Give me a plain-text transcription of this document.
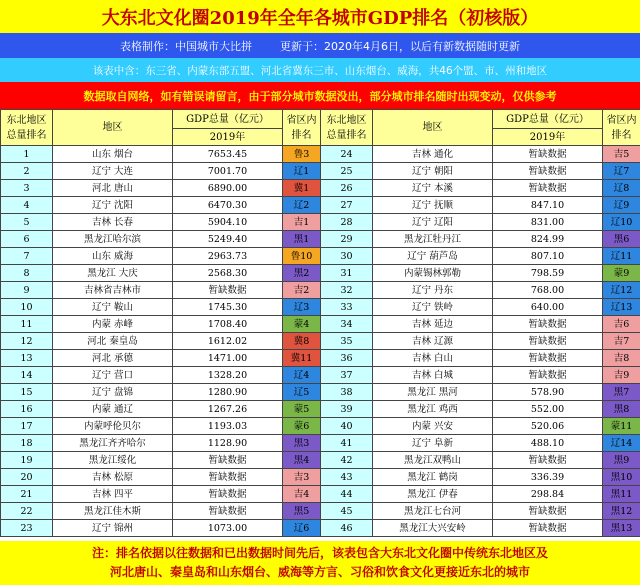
大东北文化圈2019年全年各城市GDP排名（初核版）
表格制作：中国城市大比拼	更新于：2020年4月6日，以后有新数据随时更新
该表中含：东三省、内蒙东部五盟、河北省冀东三市、山东烟台、威海，共46个盟、市、州和地区
数据取自网络，如有错误请留言，由于部分城市数据没出，部分城市排名随时出现变动，仅供参考
东北地区
总量排名	地区	GDP总量（亿元）	省区内
排名	东北地区
总量排名	地区	GDP总量（亿元）	省区内
排名
		2019年				2019年	
1	山东 烟台	7653.45	鲁3	24	吉林 通化	暂缺数据	吉5
2	辽宁 大连	7001.70	辽1	25	辽宁 朝阳	暂缺数据	辽7
3	河北 唐山	6890.00	冀1	26	辽宁 本溪	暂缺数据	辽8
4	辽宁 沈阳	6470.30	辽2	27	辽宁 抚顺	847.10	辽9
5	吉林 长春	5904.10	吉1	28	辽宁 辽阳	831.00	辽10
6	黑龙江哈尔滨	5249.40	黑1	29	黑龙江牡丹江	824.99	黑6
7	山东 威海	2963.73	鲁10	30	辽宁 葫芦岛	807.10	辽11
8	黑龙江 大庆	2568.30	黑2	31	内蒙锡林郭勒	798.59	蒙9
9	吉林省吉林市	暂缺数据	吉2	32	辽宁 丹东	768.00	辽12
10	辽宁 鞍山	1745.30	辽3	33	辽宁 铁岭	640.00	辽13
11	内蒙 赤峰	1708.40	蒙4	34	吉林 延边	暂缺数据	吉6
12	河北 秦皇岛	1612.02	冀8	35	吉林 辽源	暂缺数据	吉7
13	河北 承德	1471.00	冀11	36	吉林 白山	暂缺数据	吉8
14	辽宁 营口	1328.20	辽4	37	吉林 白城	暂缺数据	吉9
15	辽宁 盘锦	1280.90	辽5	38	黑龙江 黑河	578.90	黑7
16	内蒙 通辽	1267.26	蒙5	39	黑龙江 鸡西	552.00	黑8
17	内蒙呼伦贝尔	1193.03	蒙6	40	内蒙 兴安	520.06	蒙11
18	黑龙江齐齐哈尔	1128.90	黑3	41	辽宁 阜新	488.10	辽14
19	黑龙江绥化	暂缺数据	黑4	42	黑龙江双鸭山	暂缺数据	黑9
20	吉林 松原	暂缺数据	吉3	43	黑龙江 鹤岗	336.39	黑10
21	吉林 四平	暂缺数据	吉4	44	黑龙江 伊春	298.84	黑11
22	黑龙江佳木斯	暂缺数据	黑5	45	黑龙江七台河	暂缺数据	黑12
23	辽宁 锦州	1073.00	辽6	46	黑龙江大兴安岭	暂缺数据	黑13
注：排名依据以往数据和已出数据时间先后，该表包含大东北文化圈中传统东北地区及
河北唐山、秦皇岛和山东烟台、威海等方言、习俗和饮食文化更接近东北的城市
